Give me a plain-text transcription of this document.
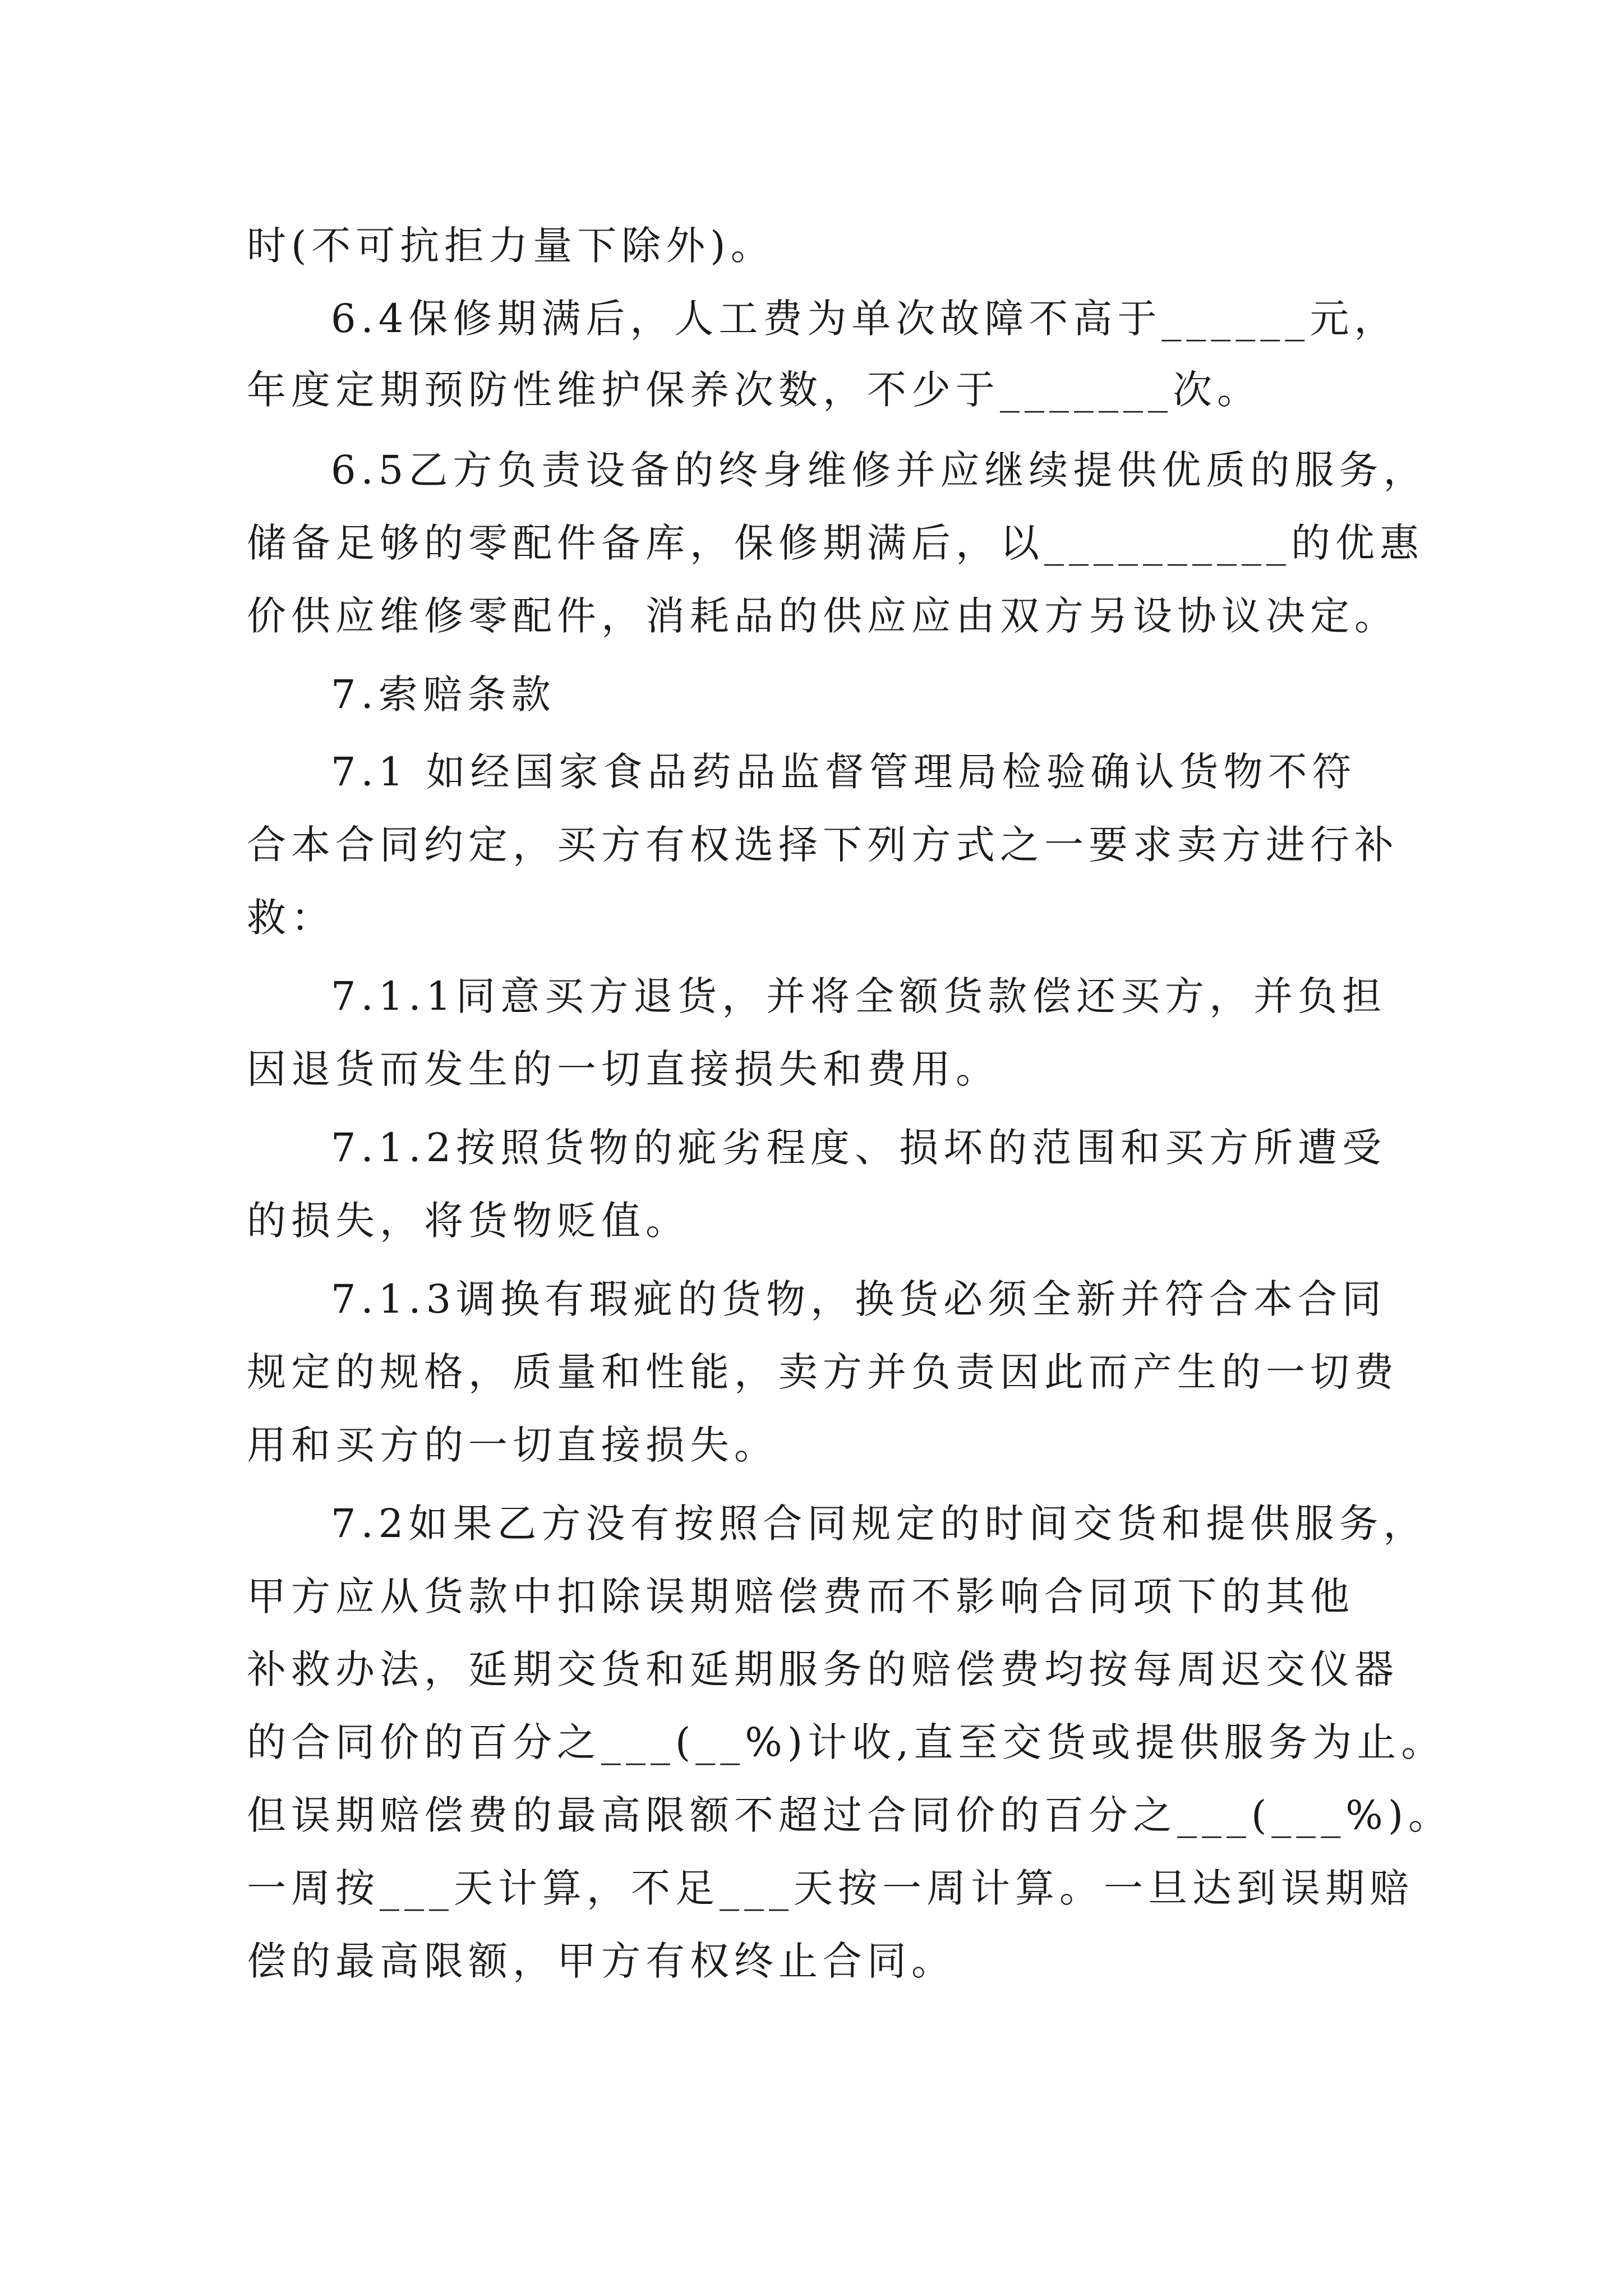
时(不可抗拒力量下除外)。
6.4保修期满后，人工费为单次故障不高于______元，
年度定期预防性维护保养次数，不少于_______次。
6.5乙方负责设备的终身维修并应继续提供优质的服务，
储备足够的零配件备库，保修期满后，以__________的优惠
价供应维修零配件，消耗品的供应应由双方另设协议决定。
7.索赔条款
7.1 如经国家食品药品监督管理局检验确认货物不符
合本合同约定，买方有权选择下列方式之一要求卖方进行补
救：
7.1.1同意买方退货，并将全额货款偿还买方，并负担
因退货而发生的一切直接损失和费用。
7.1.2按照货物的疵劣程度、损坏的范围和买方所遭受
的损失，将货物贬值。
7.1.3调换有瑕疵的货物，换货必须全新并符合本合同
规定的规格，质量和性能，卖方并负责因此而产生的一切费
用和买方的一切直接损失。
7.2如果乙方没有按照合同规定的时间交货和提供服务，
甲方应从货款中扣除误期赔偿费而不影响合同项下的其他
补救办法，延期交货和延期服务的赔偿费均按每周迟交仪器
的合同价的百分之___(__%)计收,直至交货或提供服务为止。
但误期赔偿费的最高限额不超过合同价的百分之___(___%)。
一周按___天计算，不足___天按一周计算。一旦达到误期赔
偿的最高限额，甲方有权终止合同。
